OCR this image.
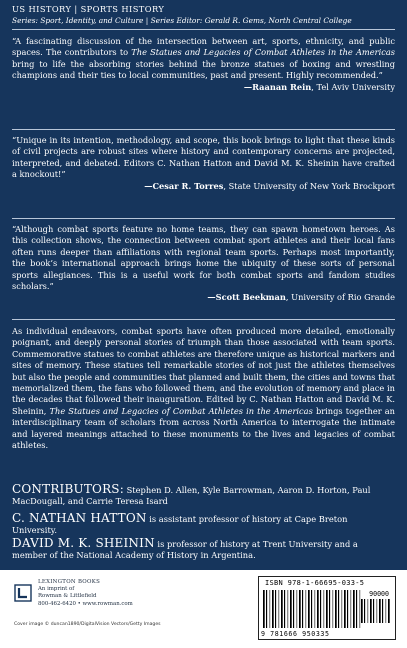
US HISTORY | SPORTS HISTORY
Series: Sport, Identity, and Culture | Series Editor: Gerald R. Gems, North Central College
“A fascinating discussion of the intersection between art, sports, ethnicity, and public spaces. The contributors to The Statues and Legacies of Combat Athletes in the Americas bring to life the absorbing stories behind the bronze statues of boxing and wrestling champions and their ties to local communities, past and present. Highly recommended.”
—Raanan Rein, Tel Aviv University
“Unique in its intention, methodology, and scope, this book brings to light that these kinds of civil projects are robust sites where history and contemporary concerns are projected, interpreted, and debated. Editors C. Nathan Hatton and David M. K. Sheinin have crafted a knockout!”
—Cesar R. Torres, State University of New York Brockport
“Although combat sports feature no home teams, they can spawn hometown heroes. As this collection shows, the connection between combat sport athletes and their local fans often runs deeper than affiliations with regional team sports. Perhaps most importantly, the book’s international approach brings home the ubiquity of these sorts of personal sports allegiances. This is a useful work for both combat sports and fandom studies scholars.”
—Scott Beekman, University of Rio Grande
As individual endeavors, combat sports have often produced more detailed, emotionally poignant, and deeply personal stories of triumph than those associated with team sports. Commemorative statues to combat athletes are therefore unique as historical markers and sites of memory. These statues tell remarkable stories of not just the athletes themselves but also the people and communities that planned and built them, the cities and towns that memorialized them, the fans who followed them, and the evolution of memory and place in the decades that followed their inauguration. Edited by C. Nathan Hatton and David M. K. Sheinin, The Statues and Legacies of Combat Athletes in the Americas brings together an interdisciplinary team of scholars from across North America to interrogate the intimate and layered meanings attached to these monuments to the lives and legacies of combat athletes.
CONTRIBUTORS: Stephen D. Allen, Kyle Barrowman, Aaron D. Horton, Paul MacDougall, and Carrie Teresa Isard
C. NATHAN HATTON is assistant professor of history at Cape Breton University.
DAVID M. K. SHEININ is professor of history at Trent University and a member of the National Academy of History in Argentina.
LEXINGTON BOOKS
An imprint of
Rowman & Littlefield
800-462-6420 • www.rowman.com
Cover image © duncan1890/DigitalVision Vectors/Getty Images
ISBN 978-1-66695-033-5
90000
9 781666 950335
